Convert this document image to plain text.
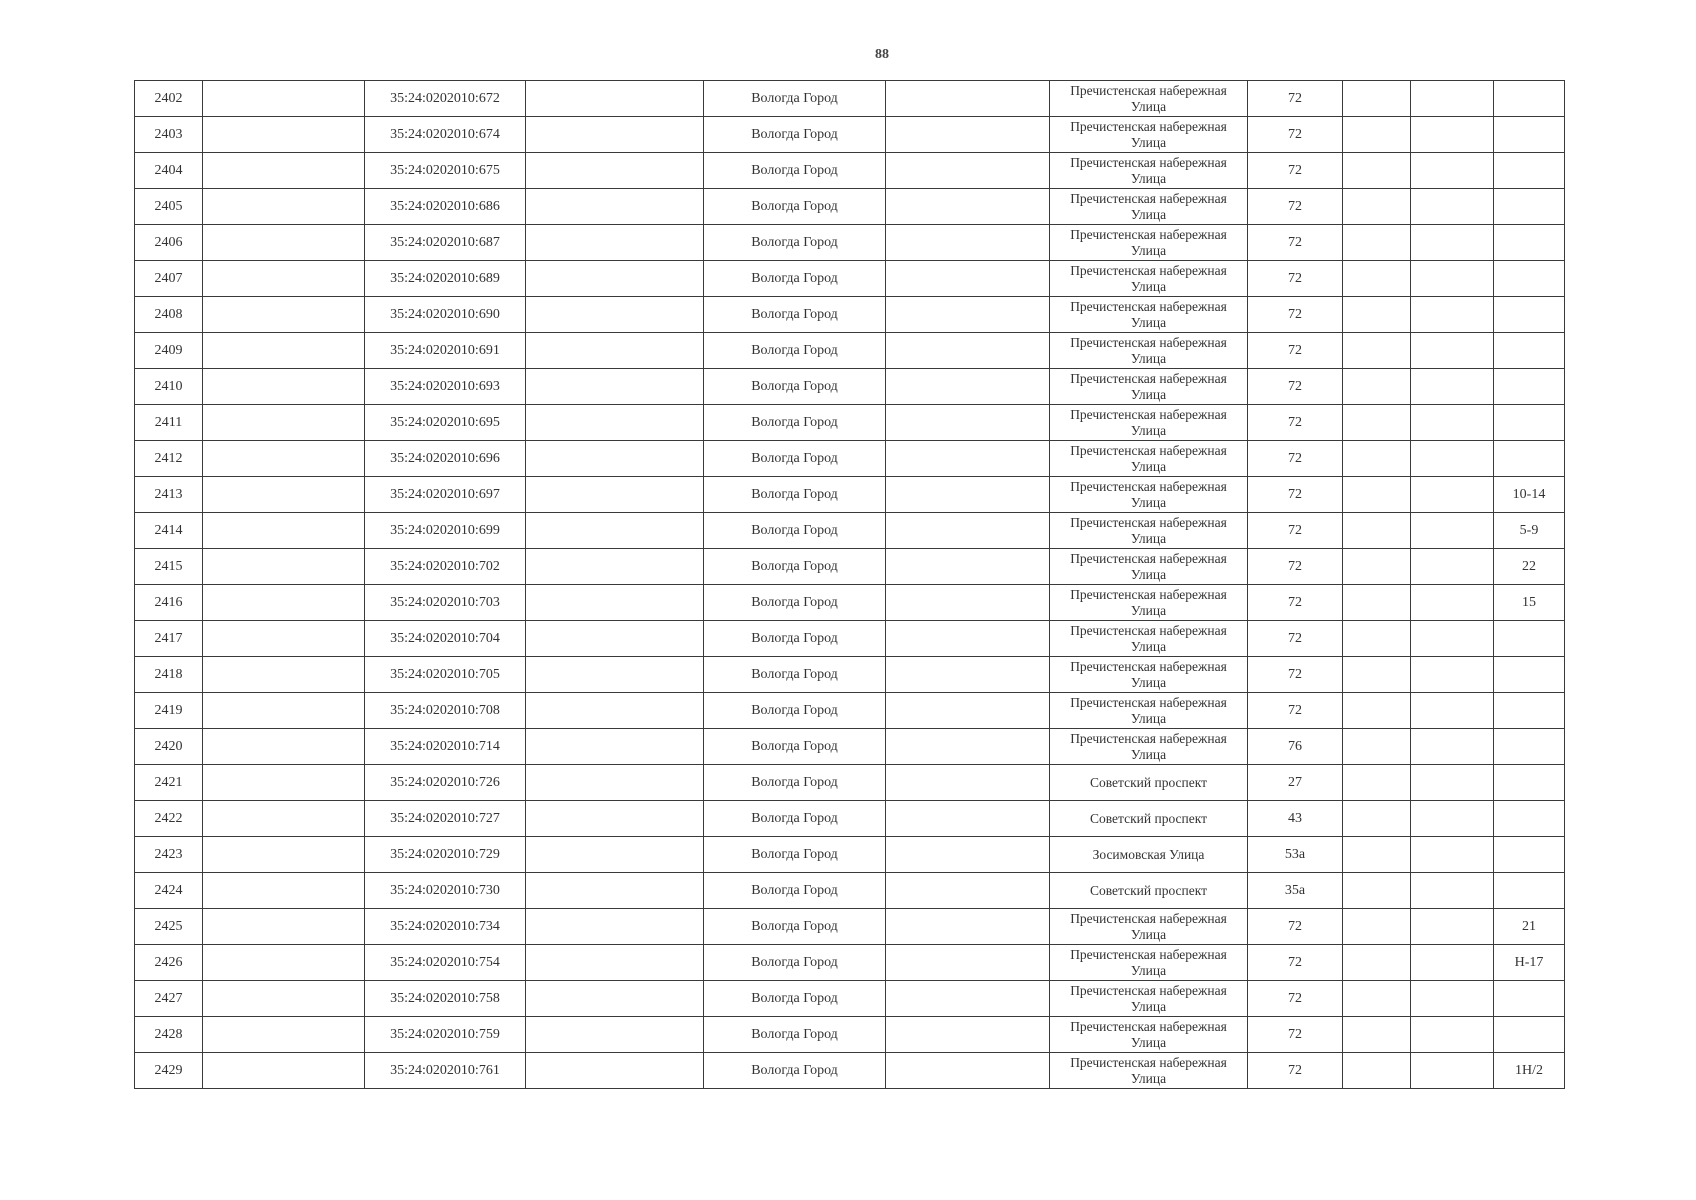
88
2402		35:24:0202010:672		Вологда Город		Пречистенская набережная Улица	72			
2403		35:24:0202010:674		Вологда Город		Пречистенская набережная Улица	72			
2404		35:24:0202010:675		Вологда Город		Пречистенская набережная Улица	72			
2405		35:24:0202010:686		Вологда Город		Пречистенская набережная Улица	72			
2406		35:24:0202010:687		Вологда Город		Пречистенская набережная Улица	72			
2407		35:24:0202010:689		Вологда Город		Пречистенская набережная Улица	72			
2408		35:24:0202010:690		Вологда Город		Пречистенская набережная Улица	72			
2409		35:24:0202010:691		Вологда Город		Пречистенская набережная Улица	72			
2410		35:24:0202010:693		Вологда Город		Пречистенская набережная Улица	72			
2411		35:24:0202010:695		Вологда Город		Пречистенская набережная Улица	72			
2412		35:24:0202010:696		Вологда Город		Пречистенская набережная Улица	72			
2413		35:24:0202010:697		Вологда Город		Пречистенская набережная Улица	72			10-14
2414		35:24:0202010:699		Вологда Город		Пречистенская набережная Улица	72			5-9
2415		35:24:0202010:702		Вологда Город		Пречистенская набережная Улица	72			22
2416		35:24:0202010:703		Вологда Город		Пречистенская набережная Улица	72			15
2417		35:24:0202010:704		Вологда Город		Пречистенская набережная Улица	72			
2418		35:24:0202010:705		Вологда Город		Пречистенская набережная Улица	72			
2419		35:24:0202010:708		Вологда Город		Пречистенская набережная Улица	72			
2420		35:24:0202010:714		Вологда Город		Пречистенская набережная Улица	76			
2421		35:24:0202010:726		Вологда Город		Советский проспект	27			
2422		35:24:0202010:727		Вологда Город		Советский проспект	43			
2423		35:24:0202010:729		Вологда Город		Зосимовская Улица	53а			
2424		35:24:0202010:730		Вологда Город		Советский проспект	35а			
2425		35:24:0202010:734		Вологда Город		Пречистенская набережная Улица	72			21
2426		35:24:0202010:754		Вологда Город		Пречистенская набережная Улица	72			Н-17
2427		35:24:0202010:758		Вологда Город		Пречистенская набережная Улица	72			
2428		35:24:0202010:759		Вологда Город		Пречистенская набережная Улица	72			
2429		35:24:0202010:761		Вологда Город		Пречистенская набережная Улица	72			1Н/2
